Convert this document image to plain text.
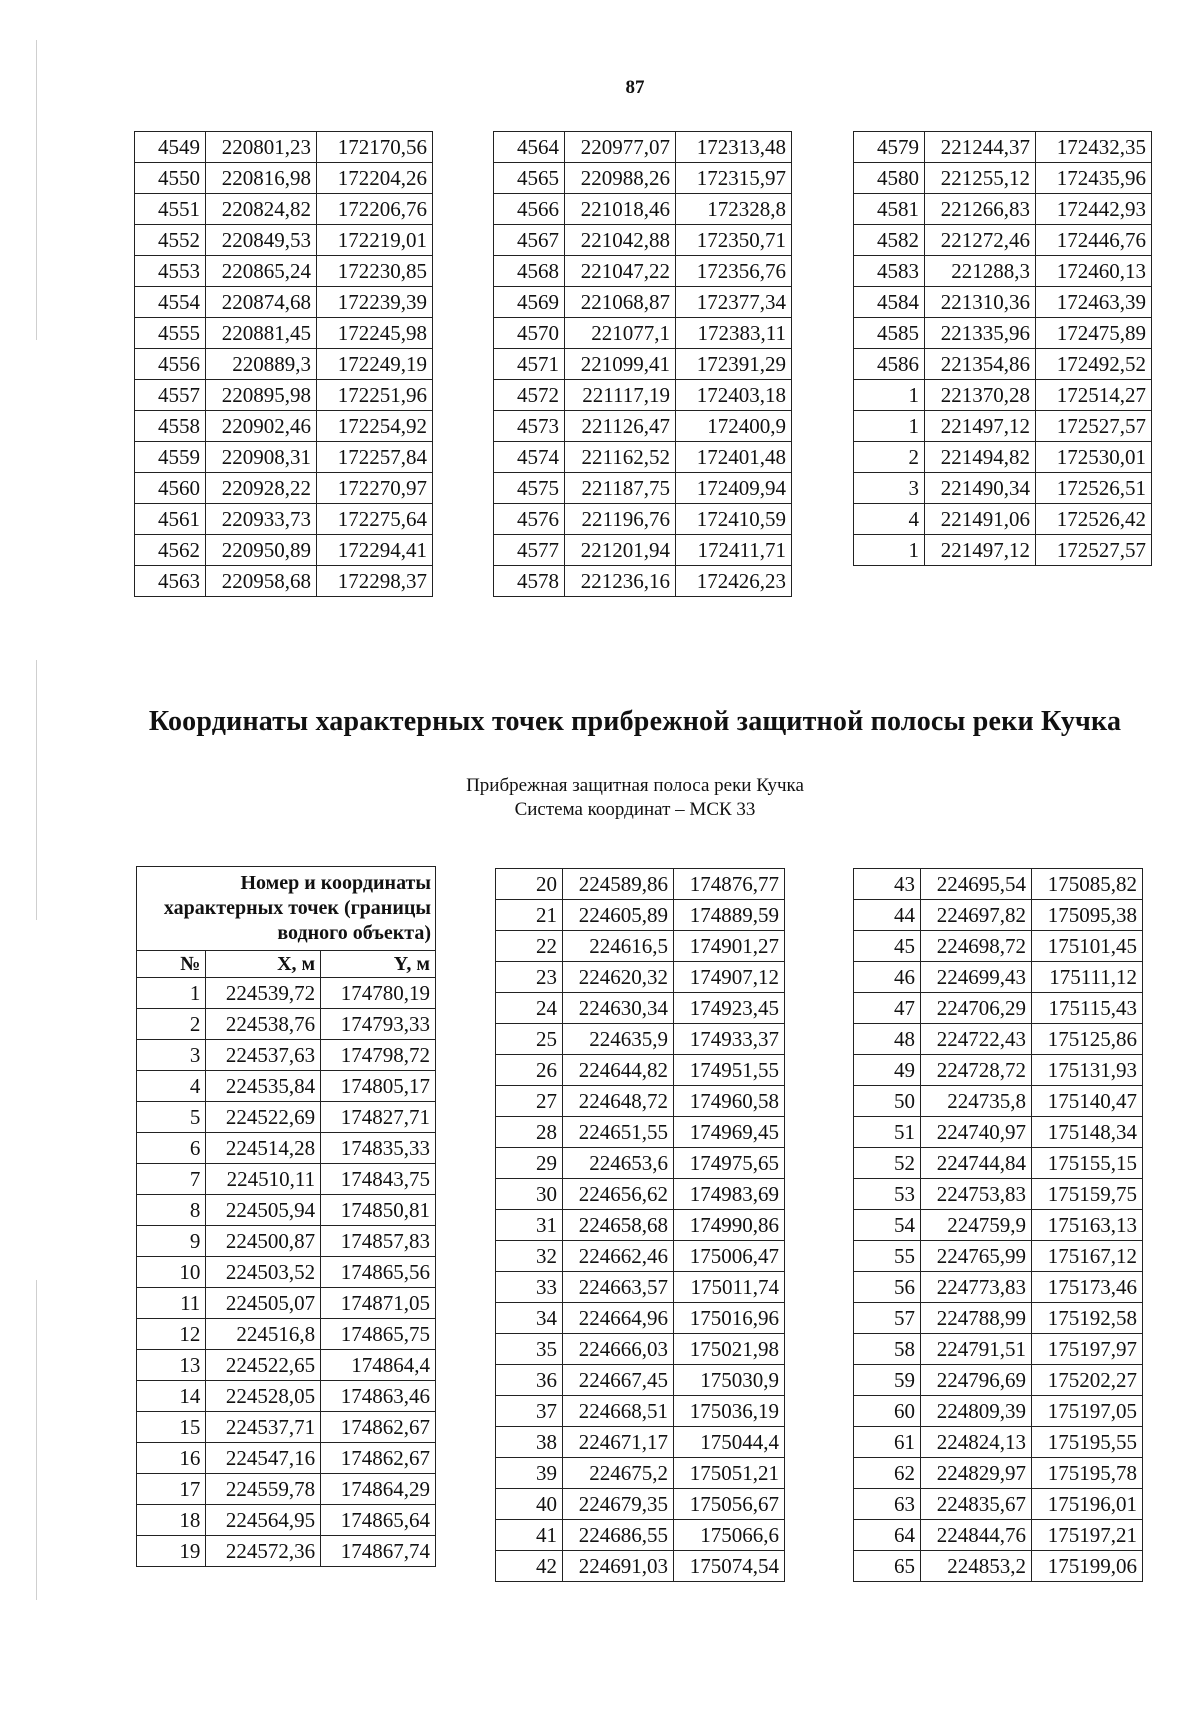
87
4549	220801,23	172170,56
4550	220816,98	172204,26
4551	220824,82	172206,76
4552	220849,53	172219,01
4553	220865,24	172230,85
4554	220874,68	172239,39
4555	220881,45	172245,98
4556	220889,3	172249,19
4557	220895,98	172251,96
4558	220902,46	172254,92
4559	220908,31	172257,84
4560	220928,22	172270,97
4561	220933,73	172275,64
4562	220950,89	172294,41
4563	220958,68	172298,37
4564	220977,07	172313,48
4565	220988,26	172315,97
4566	221018,46	172328,8
4567	221042,88	172350,71
4568	221047,22	172356,76
4569	221068,87	172377,34
4570	221077,1	172383,11
4571	221099,41	172391,29
4572	221117,19	172403,18
4573	221126,47	172400,9
4574	221162,52	172401,48
4575	221187,75	172409,94
4576	221196,76	172410,59
4577	221201,94	172411,71
4578	221236,16	172426,23
4579	221244,37	172432,35
4580	221255,12	172435,96
4581	221266,83	172442,93
4582	221272,46	172446,76
4583	221288,3	172460,13
4584	221310,36	172463,39
4585	221335,96	172475,89
4586	221354,86	172492,52
1	221370,28	172514,27
1	221497,12	172527,57
2	221494,82	172530,01
3	221490,34	172526,51
4	221491,06	172526,42
1	221497,12	172527,57
Координаты характерных точек прибрежной защитной полосы реки Кучка
Прибрежная защитная полоса реки Кучка
Система координат – МСК 33
Номер и координаты характерных точек (границы водного объекта)		
№	X, м	Y, м
1	224539,72	174780,19
2	224538,76	174793,33
3	224537,63	174798,72
4	224535,84	174805,17
5	224522,69	174827,71
6	224514,28	174835,33
7	224510,11	174843,75
8	224505,94	174850,81
9	224500,87	174857,83
10	224503,52	174865,56
11	224505,07	174871,05
12	224516,8	174865,75
13	224522,65	174864,4
14	224528,05	174863,46
15	224537,71	174862,67
16	224547,16	174862,67
17	224559,78	174864,29
18	224564,95	174865,64
19	224572,36	174867,74
20	224589,86	174876,77
21	224605,89	174889,59
22	224616,5	174901,27
23	224620,32	174907,12
24	224630,34	174923,45
25	224635,9	174933,37
26	224644,82	174951,55
27	224648,72	174960,58
28	224651,55	174969,45
29	224653,6	174975,65
30	224656,62	174983,69
31	224658,68	174990,86
32	224662,46	175006,47
33	224663,57	175011,74
34	224664,96	175016,96
35	224666,03	175021,98
36	224667,45	175030,9
37	224668,51	175036,19
38	224671,17	175044,4
39	224675,2	175051,21
40	224679,35	175056,67
41	224686,55	175066,6
42	224691,03	175074,54
43	224695,54	175085,82
44	224697,82	175095,38
45	224698,72	175101,45
46	224699,43	175111,12
47	224706,29	175115,43
48	224722,43	175125,86
49	224728,72	175131,93
50	224735,8	175140,47
51	224740,97	175148,34
52	224744,84	175155,15
53	224753,83	175159,75
54	224759,9	175163,13
55	224765,99	175167,12
56	224773,83	175173,46
57	224788,99	175192,58
58	224791,51	175197,97
59	224796,69	175202,27
60	224809,39	175197,05
61	224824,13	175195,55
62	224829,97	175195,78
63	224835,67	175196,01
64	224844,76	175197,21
65	224853,2	175199,06
